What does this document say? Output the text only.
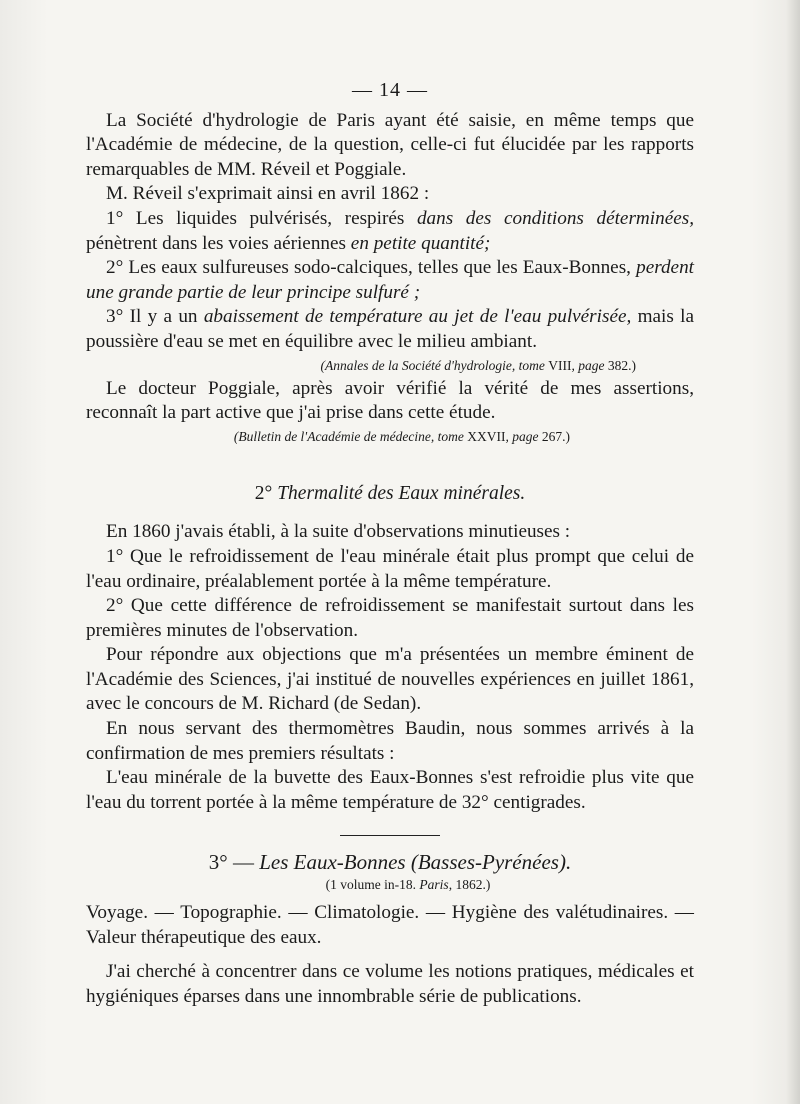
— 14 —

La Société d'hydrologie de Paris ayant été saisie, en même temps que l'Académie de médecine, de la question, celle-ci fut élucidée par les rapports remarquables de MM. Réveil et Poggiale.

M. Réveil s'exprimait ainsi en avril 1862 :

1° Les liquides pulvérisés, respirés dans des conditions déterminées, pénètrent dans les voies aériennes en petite quantité;

2° Les eaux sulfureuses sodo-calciques, telles que les Eaux-Bonnes, perdent une grande partie de leur principe sulfuré ;

3° Il y a un abaissement de température au jet de l'eau pulvérisée, mais la poussière d'eau se met en équilibre avec le milieu ambiant.

(Annales de la Société d'hydrologie, tome VIII, page 382.)

Le docteur Poggiale, après avoir vérifié la vérité de mes assertions, reconnaît la part active que j'ai prise dans cette étude.

(Bulletin de l'Académie de médecine, tome XXVII, page 267.)

2° Thermalité des Eaux minérales.

En 1860 j'avais établi, à la suite d'observations minutieuses :

1° Que le refroidissement de l'eau minérale était plus prompt que celui de l'eau ordinaire, préalablement portée à la même température.

2° Que cette différence de refroidissement se manifestait surtout dans les premières minutes de l'observation.

Pour répondre aux objections que m'a présentées un membre éminent de l'Académie des Sciences, j'ai institué de nouvelles expériences en juillet 1861, avec le concours de M. Richard (de Sedan).

En nous servant des thermomètres Baudin, nous sommes arrivés à la confirmation de mes premiers résultats :

L'eau minérale de la buvette des Eaux-Bonnes s'est refroidie plus vite que l'eau du torrent portée à la même température de 32° centigrades.

3° — Les Eaux-Bonnes (Basses-Pyrénées).
(1 volume in-18. Paris, 1862.)

Voyage. — Topographie. — Climatologie. — Hygiène des valétudinaires. — Valeur thérapeutique des eaux.

J'ai cherché à concentrer dans ce volume les notions pratiques, médicales et hygiéniques éparses dans une innombrable série de publications.
